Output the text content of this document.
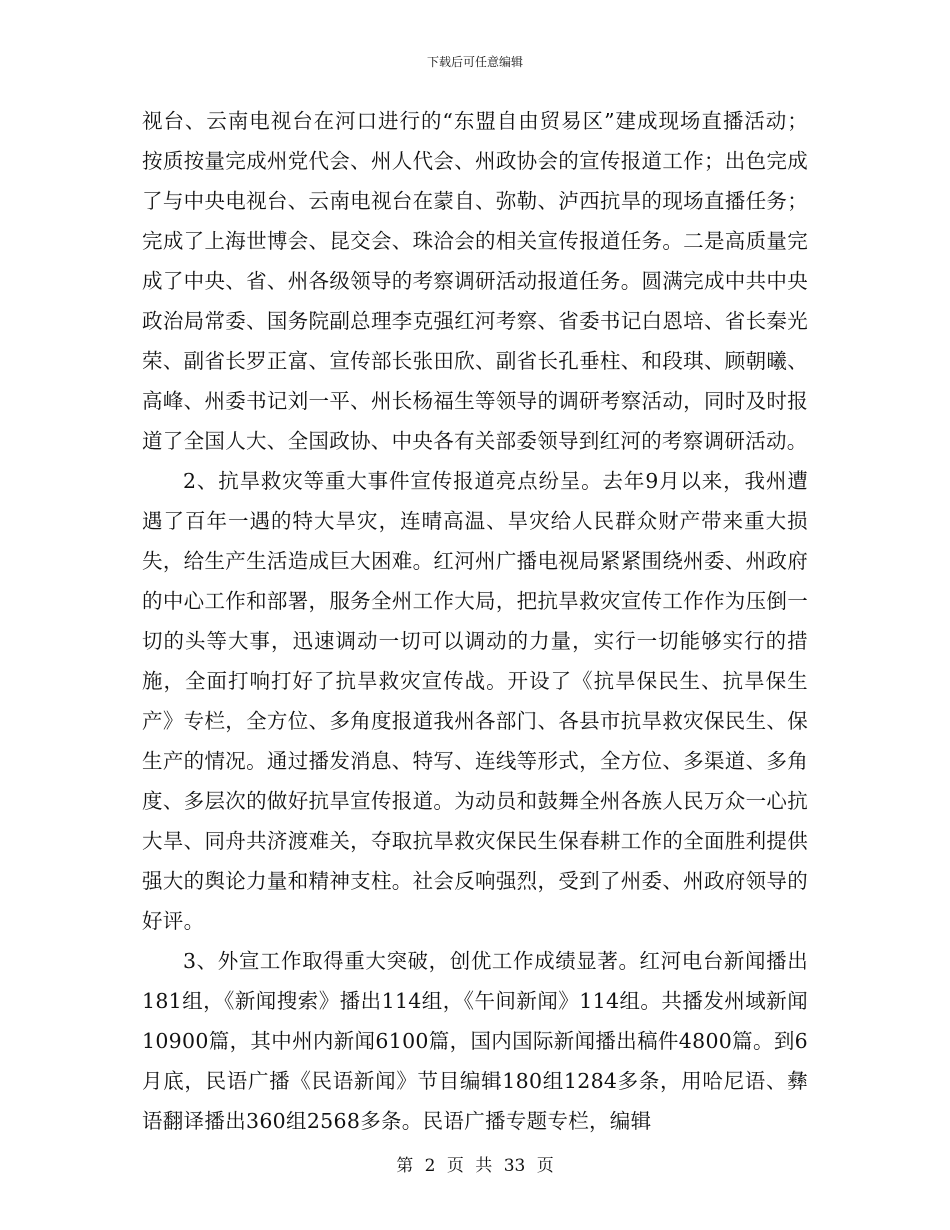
下载后可任意编辑

视台、云南电视台在河口进行的“东盟自由贸易区”建成现场直播活动；按质按量完成州党代会、州人代会、州政协会的宣传报道工作；出色完成了与中央电视台、云南电视台在蒙自、弥勒、泸西抗旱的现场直播任务；完成了上海世博会、昆交会、珠洽会的相关宣传报道任务。二是高质量完成了中央、省、州各级领导的考察调研活动报道任务。圆满完成中共中央政治局常委、国务院副总理李克强红河考察、省委书记白恩培、省长秦光荣、副省长罗正富、宣传部长张田欣、副省长孔垂柱、和段琪、顾朝曦、高峰、州委书记刘一平、州长杨福生等领导的调研考察活动，同时及时报道了全国人大、全国政协、中央各有关部委领导到红河的考察调研活动。

2、抗旱救灾等重大事件宣传报道亮点纷呈。去年9月以来，我州遭遇了百年一遇的特大旱灾，连晴高温、旱灾给人民群众财产带来重大损失，给生产生活造成巨大困难。红河州广播电视局紧紧围绕州委、州政府的中心工作和部署，服务全州工作大局，把抗旱救灾宣传工作作为压倒一切的头等大事，迅速调动一切可以调动的力量，实行一切能够实行的措施，全面打响打好了抗旱救灾宣传战。开设了《抗旱保民生、抗旱保生产》专栏，全方位、多角度报道我州各部门、各县市抗旱救灾保民生、保生产的情况。通过播发消息、特写、连线等形式，全方位、多渠道、多角度、多层次的做好抗旱宣传报道。为动员和鼓舞全州各族人民万众一心抗大旱、同舟共济渡难关，夺取抗旱救灾保民生保春耕工作的全面胜利提供强大的舆论力量和精神支柱。社会反响强烈，受到了州委、州政府领导的好评。

3、外宣工作取得重大突破，创优工作成绩显著。红河电台新闻播出181组，《新闻搜索》播出114组，《午间新闻》114组。共播发州域新闻10900篇，其中州内新闻6100篇，国内国际新闻播出稿件4800篇。到6月底，民语广播《民语新闻》节目编辑180组1284多条，用哈尼语、彝语翻译播出360组2568多条。民语广播专题专栏，编辑

第 2 页 共 33 页
